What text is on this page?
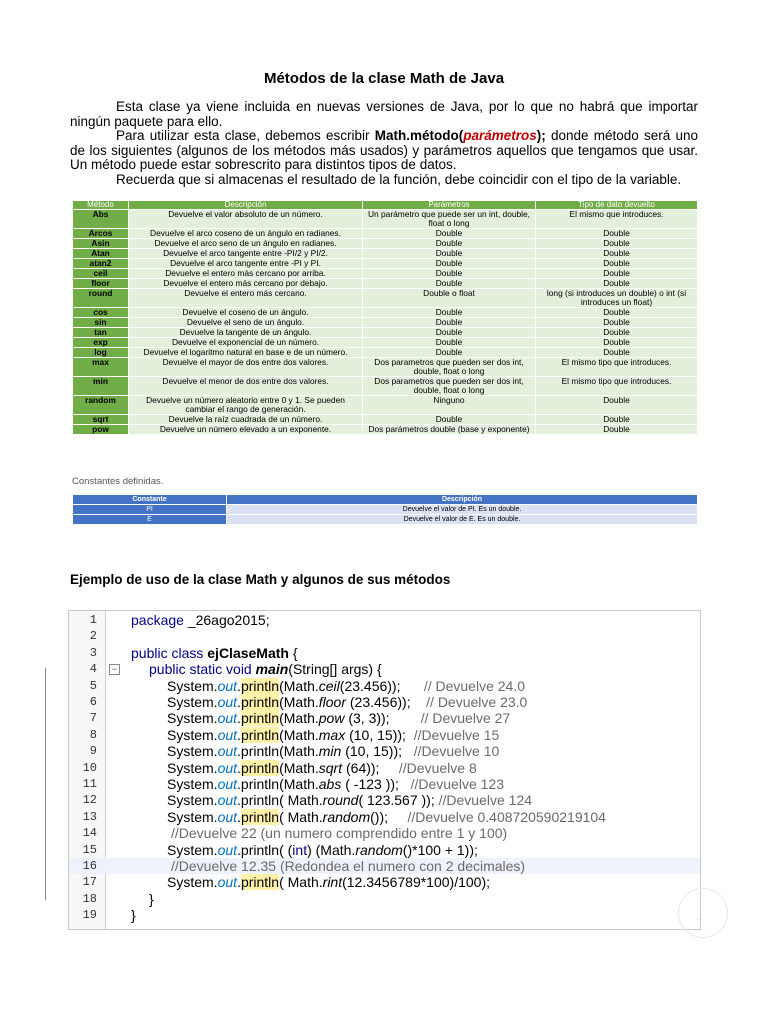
Métodos de la clase Math de Java

Esta clase ya viene incluida en nuevas versiones de Java, por lo que no habrá que importar ningún paquete para ello.

Para utilizar esta clase, debemos escribir Math.método(parámetros); donde método será uno de los siguientes (algunos de los métodos más usados) y parámetros aquellos que tengamos que usar. Un método puede estar sobrescrito para distintos tipos de datos.

Recuerda que si almacenas el resultado de la función, debe coincidir con el tipo de la variable.

Método	Descripción	Parámetros	Tipo de dato devuelto
Abs	Devuelve el valor absoluto de un número.	Un parámetro que puede ser un int, double, float o long	El mismo que introduces.
Arcos	Devuelve el arco coseno de un ángulo en radianes.	Double	Double
Asin	Devuelve el arco seno de un ángulo en radianes.	Double	Double
Atan	Devuelve el arco tangente entre -PI/2 y PI/2.	Double	Double
atan2	Devuelve el arco tangente entre -PI y PI.	Double	Double
ceil	Devuelve el entero más cercano por arriba.	Double	Double
floor	Devuelve el entero más cercano por debajo.	Double	Double
round	Devuelve el entero más cercano.	Double o float	long (si introduces un double) o int (si introduces un float)
cos	Devuelve el coseno de un ángulo.	Double	Double
sin	Devuelve el seno de un ángulo.	Double	Double
tan	Devuelve la tangente de un ángulo.	Double	Double
exp	Devuelve el exponencial de un número.	Double	Double
log	Devuelve el logaritmo natural en base e de un número.	Double	Double
max	Devuelve el mayor de dos entre dos valores.	Dos parametros que pueden ser dos int, double, float o long	El mismo tipo que introduces.
min	Devuelve el menor de dos entre dos valores.	Dos parametros que pueden ser dos int, double, float o long	El mismo tipo que introduces.
random	Devuelve un número aleatorio entre 0 y 1. Se pueden cambiar el rango de generación.	Ninguno	Double
sqrt	Devuelve la raíz cuadrada de un número.	Double	Double
pow	Devuelve un número elevado a un exponente.	Dos parámetros double (base y exponente)	Double
Constantes definidas.
Constante	Descripción
PI	Devuelve el valor de PI. Es un double.
E	Devuelve el valor de E. Es un double.
Ejemplo de uso de la clase Math y algunos de sus métodos
1 package _26ago2015;
2
3 public class ejClaseMath {
4	− public static void main(String[] args) {
5	System.out.println(Math.ceil(23.456)); // Devuelve 24.0
6	System.out.println(Math.floor (23.456)); // Devuelve 23.0
7	System.out.println(Math.pow (3, 3)); // Devuelve 27
8	System.out.println(Math.max (10, 15)); //Devuelve 15
9	System.out.println(Math.min (10, 15)); //Devuelve 10
10	System.out.println(Math.sqrt (64)); //Devuelve 8
11	System.out.println(Math.abs ( -123 )); //Devuelve 123
12	System.out.println( Math.round( 123.567 )); //Devuelve 124
13	System.out.println( Math.random()); //Devuelve 0.408720590219104
14	//Devuelve 22 (un numero comprendido entre 1 y 100)
15	System.out.println( (int) (Math.random()*100 + 1));
16	//Devuelve 12.35 (Redondea el numero con 2 decimales)
17	System.out.println( Math.rint(12.3456789*100)/100);
18	}
19 }	.
